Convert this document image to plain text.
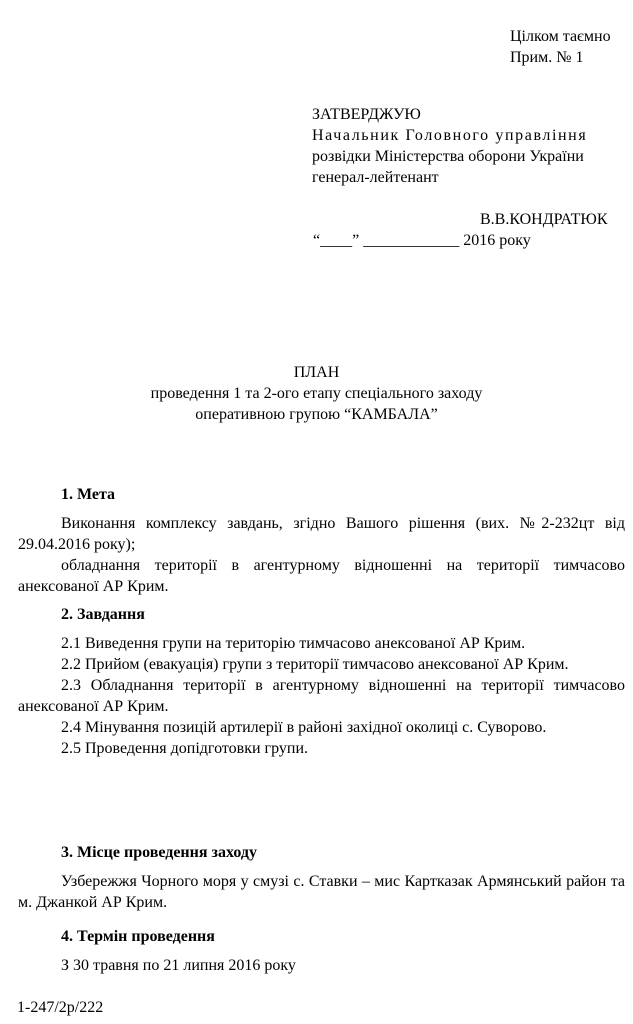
Цілком таємно
Прим. № 1
ЗАТВЕРДЖУЮ
Начальник Головного управління
розвідки Міністерства оборони України
генерал-лейтенант
В.В.КОНДРАТЮК
“____” ____________ 2016 року
ПЛАН
проведення 1 та 2-ого етапу спеціального заходу
оперативною групою “КАМБАЛА”

1. Мета

Виконання комплексу завдань, згідно Вашого рішення (вих. №2-232цт від 29.04.2016 року);

обладнання території в агентурному відношенні на території тимчасово анексованої АР Крим.

2. Завдання

2.1 Виведення групи на територію тимчасово анексованої АР Крим.

2.2 Прийом (евакуація) групи з території тимчасово анексованої АР Крим.

2.3 Обладнання території в агентурному відношенні на території тимчасово анексованої АР Крим.

2.4 Мінування позицій артилерії в районі західної околиці с. Суворово.

2.5 Проведення допідготовки групи.

3. Місце проведення заходу

Узбережжя Чорного моря у смузі с. Ставки – мис Картказак Армянський район та м. Джанкой АР Крим.

4. Термін проведення

З 30 травня по 21 липня 2016 року

1-247/2р/222
